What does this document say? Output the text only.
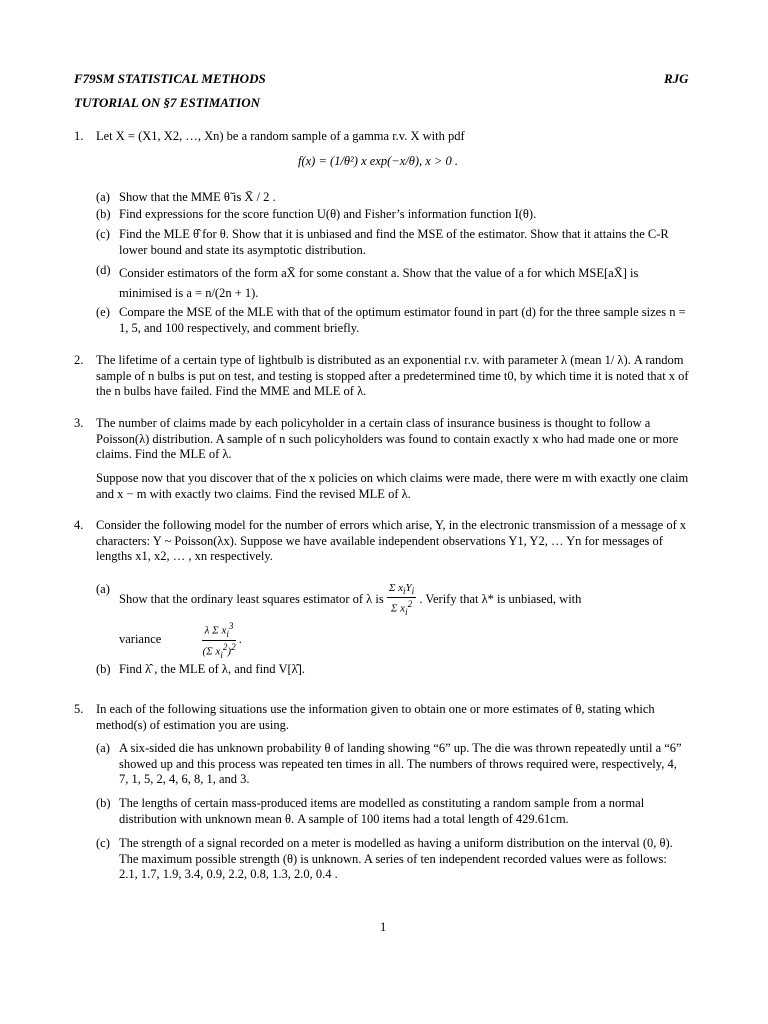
F79SM STATISTICAL METHODS	RJG
TUTORIAL ON §7 ESTIMATION
1. Let X = (X1, X2, …, Xn) be a random sample of a gamma r.v. X with pdf
f(x) = (1/θ²) x exp(−x/θ), x > 0 .
(a) Show that the MME θ̃ is X̄ / 2 .
(b) Find expressions for the score function U(θ) and Fisher’s information function I(θ).
(c) Find the MLE θ̂ for θ. Show that it is unbiased and find the MSE of the estimator. Show that it attains the C-R lower bound and state its asymptotic distribution.
(d) Consider estimators of the form aX̄ for some constant a. Show that the value of a for which MSE[aX̄] is minimised is a = n/(2n + 1).
(e) Compare the MSE of the MLE with that of the optimum estimator found in part (d) for the three sample sizes n = 1, 5, and 100 respectively, and comment briefly.
2. The lifetime of a certain type of lightbulb is distributed as an exponential r.v. with parameter λ (mean 1/ λ). A random sample of n bulbs is put on test, and testing is stopped after a predetermined time t0, by which time it is noted that x of the n bulbs have failed. Find the MME and MLE of λ.
3. The number of claims made by each policyholder in a certain class of insurance business is thought to follow a Poisson(λ) distribution. A sample of n such policyholders was found to contain exactly x who had made one or more claims. Find the MLE of λ.
Suppose now that you discover that of the x policies on which claims were made, there were m with exactly one claim and x − m with exactly two claims. Find the revised MLE of λ.
4. Consider the following model for the number of errors which arise, Y, in the electronic transmission of a message of x characters: Y ~ Poisson(λx). Suppose we have available independent observations Y1, Y2, … Yn for messages of lengths x1, x2, … , xn respectively.
(a)
Show that the ordinary least squares estimator of λ is $\frac{\Sigma x_iY_i}{\Sigma x_i^2}$ . Verify that λ* is unbiased, with
variance	$\frac{\lambda \Sigma x_i^3}{(\Sigma x_i^2)^2}$ .
(b) Find λ̂ , the MLE of λ, and find V[λ̂].
5. In each of the following situations use the information given to obtain one or more estimates of θ, stating which method(s) of estimation you are using.
(a) A six-sided die has unknown probability θ of landing showing “6” up. The die was thrown repeatedly until a “6” showed up and this process was repeated ten times in all. The numbers of throws required were, respectively, 4, 7, 1, 5, 2, 4, 6, 8, 1, and 3.
(b) The lengths of certain mass-produced items are modelled as constituting a random sample from a normal distribution with unknown mean θ. A sample of 100 items had a total length of 429.61cm.
(c) The strength of a signal recorded on a meter is modelled as having a uniform distribution on the interval (0, θ). The maximum possible strength (θ) is unknown. A series of ten independent recorded values were as follows: 2.1, 1.7, 1.9, 3.4, 0.9, 2.2, 0.8, 1.3, 2.0, 0.4 .
1
